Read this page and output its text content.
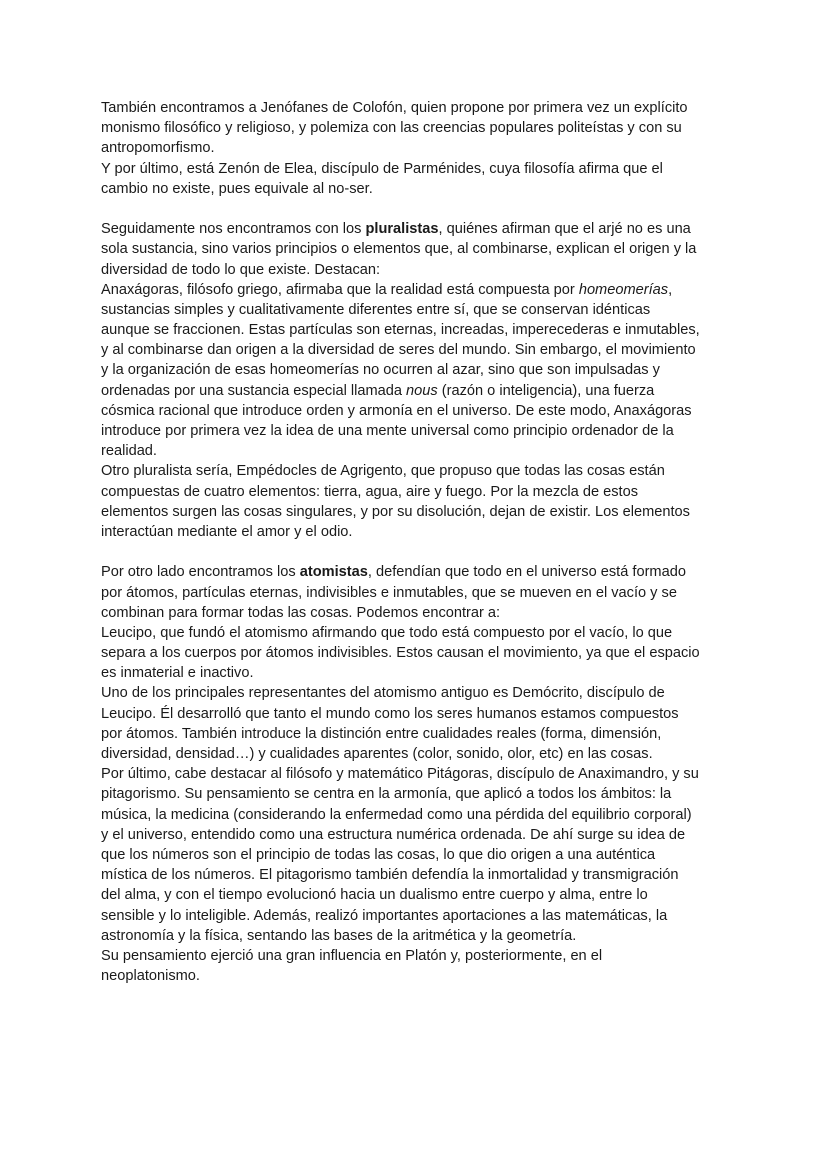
También encontramos a Jenófanes de Colofón, quien propone por primera vez un explícito
monismo filosófico y religioso, y polemiza con las creencias populares politeístas y con su
antropomorfismo.
Y por último, está Zenón de Elea, discípulo de Parménides, cuya filosofía afirma que el
cambio no existe, pues equivale al no-ser.
Seguidamente nos encontramos con los pluralistas, quiénes afirman que el arjé no es una
sola sustancia, sino varios principios o elementos que, al combinarse, explican el origen y la
diversidad de todo lo que existe. Destacan:
Anaxágoras, filósofo griego, afirmaba que la realidad está compuesta por homeomerías,
sustancias simples y cualitativamente diferentes entre sí, que se conservan idénticas
aunque se fraccionen. Estas partículas son eternas, increadas, imperecederas e inmutables,
y al combinarse dan origen a la diversidad de seres del mundo. Sin embargo, el movimiento
y la organización de esas homeomerías no ocurren al azar, sino que son impulsadas y
ordenadas por una sustancia especial llamada nous (razón o inteligencia), una fuerza
cósmica racional que introduce orden y armonía en el universo. De este modo, Anaxágoras
introduce por primera vez la idea de una mente universal como principio ordenador de la
realidad.
Otro pluralista sería, Empédocles de Agrigento, que propuso que todas las cosas están
compuestas de cuatro elementos: tierra, agua, aire y fuego. Por la mezcla de estos
elementos surgen las cosas singulares, y por su disolución, dejan de existir. Los elementos
interactúan mediante el amor y el odio.
Por otro lado encontramos los atomistas, defendían que todo en el universo está formado
por átomos, partículas eternas, indivisibles e inmutables, que se mueven en el vacío y se
combinan para formar todas las cosas. Podemos encontrar a:
Leucipo, que fundó el atomismo afirmando que todo está compuesto por el vacío, lo que
separa a los cuerpos por átomos indivisibles. Estos causan el movimiento, ya que el espacio
es inmaterial e inactivo.
Uno de los principales representantes del atomismo antiguo es Demócrito, discípulo de
Leucipo. Él desarrolló que tanto el mundo como los seres humanos estamos compuestos
por átomos. También introduce la distinción entre cualidades reales (forma, dimensión,
diversidad, densidad…) y cualidades aparentes (color, sonido, olor, etc) en las cosas.
Por último, cabe destacar al filósofo y matemático Pitágoras, discípulo de Anaximandro, y su
pitagorismo. Su pensamiento se centra en la armonía, que aplicó a todos los ámbitos: la
música, la medicina (considerando la enfermedad como una pérdida del equilibrio corporal)
y el universo, entendido como una estructura numérica ordenada. De ahí surge su idea de
que los números son el principio de todas las cosas, lo que dio origen a una auténtica
mística de los números. El pitagorismo también defendía la inmortalidad y transmigración
del alma, y con el tiempo evolucionó hacia un dualismo entre cuerpo y alma, entre lo
sensible y lo inteligible. Además, realizó importantes aportaciones a las matemáticas, la
astronomía y la física, sentando las bases de la aritmética y la geometría.
Su pensamiento ejerció una gran influencia en Platón y, posteriormente, en el
neoplatonismo.
